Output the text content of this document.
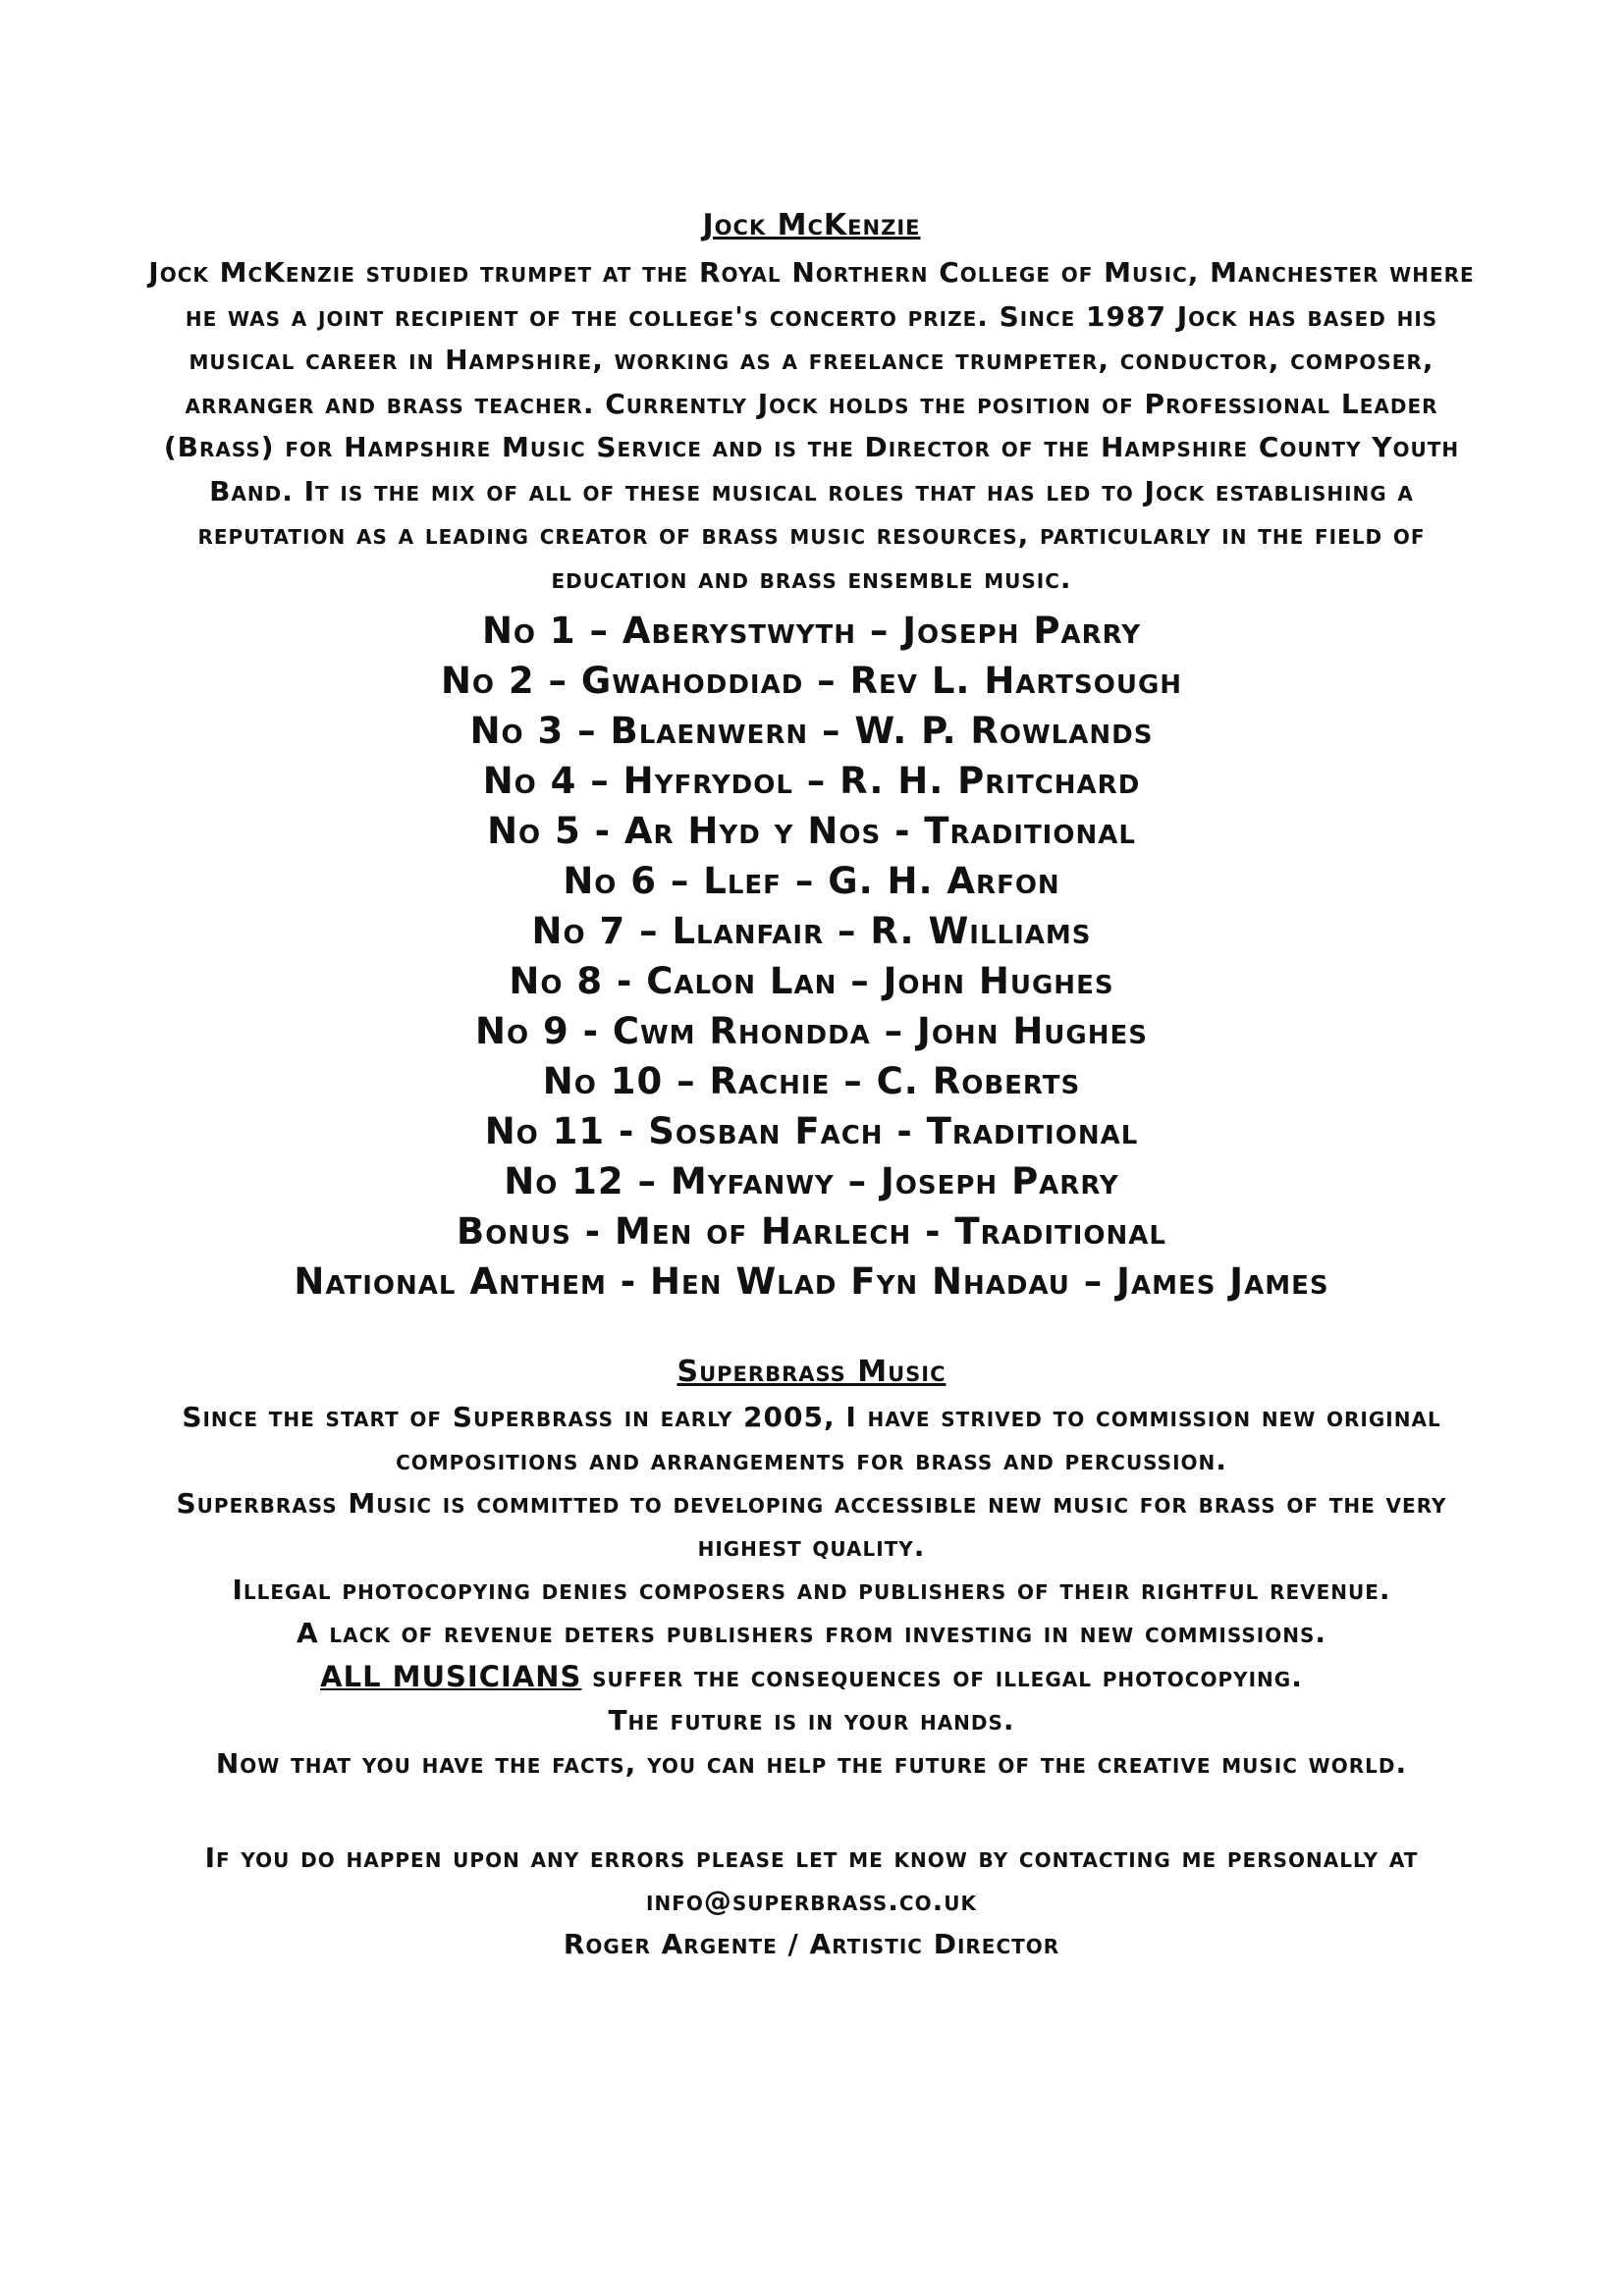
Jock McKenzie
Jock McKenzie studied trumpet at the Royal Northern College of Music, Manchester where he was a joint recipient of the college's concerto prize. Since 1987 Jock has based his musical career in Hampshire, working as a freelance trumpeter, conductor, composer, arranger and brass teacher. Currently Jock holds the position of Professional Leader (Brass) for Hampshire Music Service and is the Director of the Hampshire County Youth Band. It is the mix of all of these musical roles that has led to Jock establishing a reputation as a leading creator of brass music resources, particularly in the field of education and brass ensemble music.
No 1 – Aberystwyth – Joseph Parry
No 2 – Gwahoddiad – Rev L. Hartsough
No 3 – Blaenwern – W. P. Rowlands
No 4 – Hyfrydol – R. H. Pritchard
No 5 - Ar Hyd y Nos - Traditional
No 6 – Llef – G. H. Arfon
No 7 – Llanfair – R. Williams
No 8 - Calon Lan – John Hughes
No 9 - Cwm Rhondda – John Hughes
No 10 – Rachie – C. Roberts
No 11 - Sosban Fach - Traditional
No 12 – Myfanwy – Joseph Parry
Bonus - Men of Harlech - Traditional
National Anthem - Hen Wlad Fyn Nhadau – James James
Superbrass Music
Since the start of Superbrass in early 2005, I have strived to commission new original compositions and arrangements for brass and percussion.
Superbrass Music is committed to developing accessible new music for brass of the very highest quality.
Illegal photocopying denies composers and publishers of their rightful revenue.
A lack of revenue deters publishers from investing in new commissions.
ALL MUSICIANS suffer the consequences of illegal photocopying.
The future is in your hands.
Now that you have the facts, you can help the future of the creative music world.
If you do happen upon any errors please let me know by contacting me personally at
info@superbrass.co.uk
Roger Argente / Artistic Director
